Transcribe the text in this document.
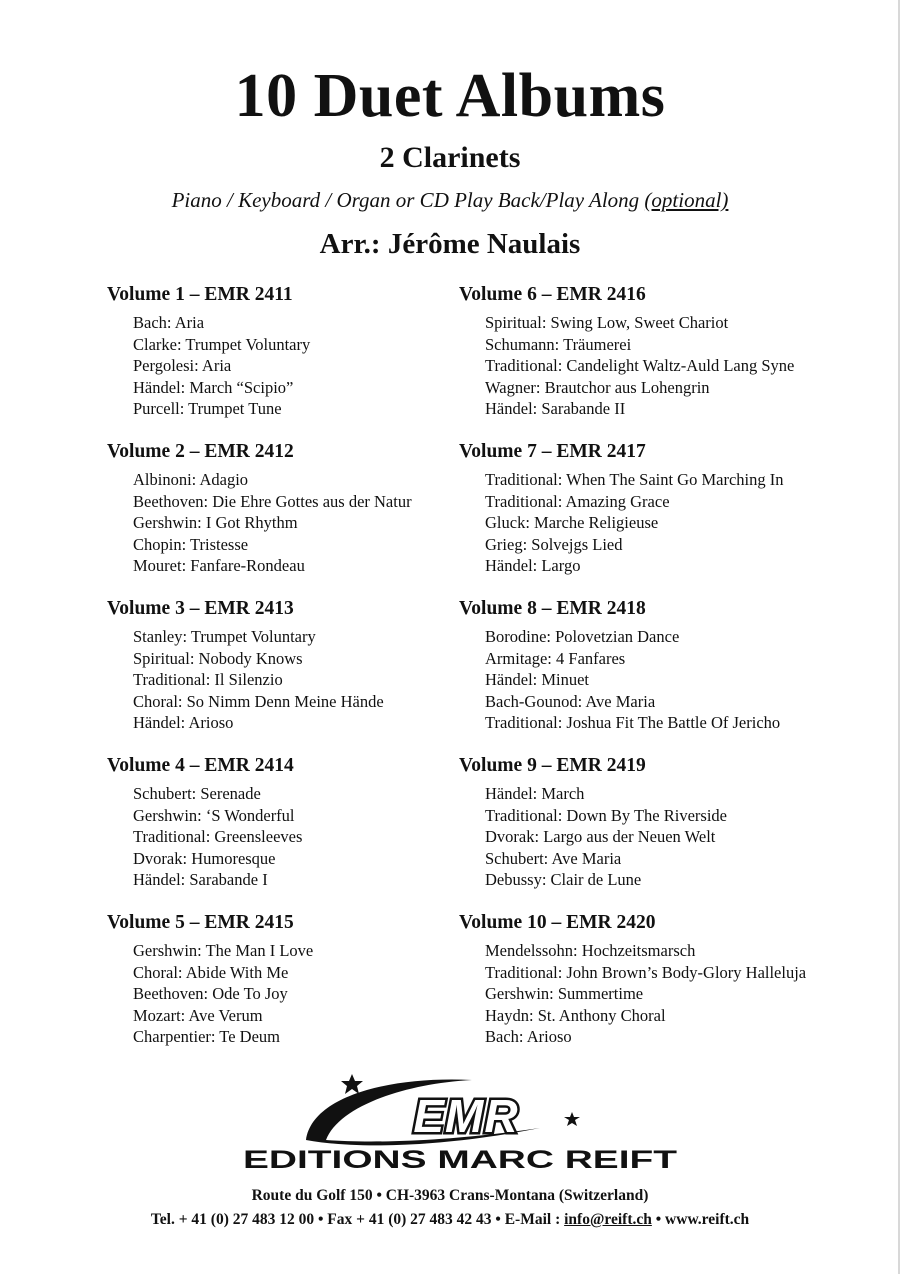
10 Duet Albums
2 Clarinets
Piano / Keyboard / Organ or CD Play Back/Play Along (optional)
Arr.: Jérôme Naulais
Volume 1 – EMR 2411
Bach: Aria
Clarke: Trumpet Voluntary
Pergolesi: Aria
Händel: March “Scipio”
Purcell: Trumpet Tune
Volume 2 – EMR 2412
Albinoni: Adagio
Beethoven: Die Ehre Gottes aus der Natur
Gershwin: I Got Rhythm
Chopin: Tristesse
Mouret: Fanfare-Rondeau
Volume 3 – EMR 2413
Stanley: Trumpet Voluntary
Spiritual: Nobody Knows
Traditional: Il Silenzio
Choral: So Nimm Denn Meine Hände
Händel: Arioso
Volume 4 – EMR 2414
Schubert: Serenade
Gershwin: ‘S Wonderful
Traditional: Greensleeves
Dvorak: Humoresque
Händel: Sarabande I
Volume 5 – EMR 2415
Gershwin: The Man I Love
Choral: Abide With Me
Beethoven: Ode To Joy
Mozart: Ave Verum
Charpentier: Te Deum
Volume 6 – EMR 2416
Spiritual: Swing Low, Sweet Chariot
Schumann: Träumerei
Traditional: Candelight Waltz-Auld Lang Syne
Wagner: Brautchor aus Lohengrin
Händel: Sarabande II
Volume 7 – EMR 2417
Traditional: When The Saint Go Marching In
Traditional: Amazing Grace
Gluck: Marche Religieuse
Grieg: Solvejgs Lied
Händel: Largo
Volume 8 – EMR 2418
Borodine: Polovetzian Dance
Armitage: 4 Fanfares
Händel: Minuet
Bach-Gounod: Ave Maria
Traditional: Joshua Fit The Battle Of Jericho
Volume 9 – EMR 2419
Händel: March
Traditional: Down By The Riverside
Dvorak: Largo aus der Neuen Welt
Schubert: Ave Maria
Debussy: Clair de Lune
Volume 10 – EMR 2420
Mendelssohn: Hochzeitsmarsch
Traditional: John Brown’s Body-Glory Halleluja
Gershwin: Summertime
Haydn: St. Anthony Choral
Bach: Arioso
EMR
EDITIONS MARC REIFT
Route du Golf 150 • CH-3963 Crans-Montana (Switzerland)
Tel. + 41 (0) 27 483 12 00 • Fax + 41 (0) 27 483 42 43 • E-Mail : info@reift.ch • www.reift.ch
